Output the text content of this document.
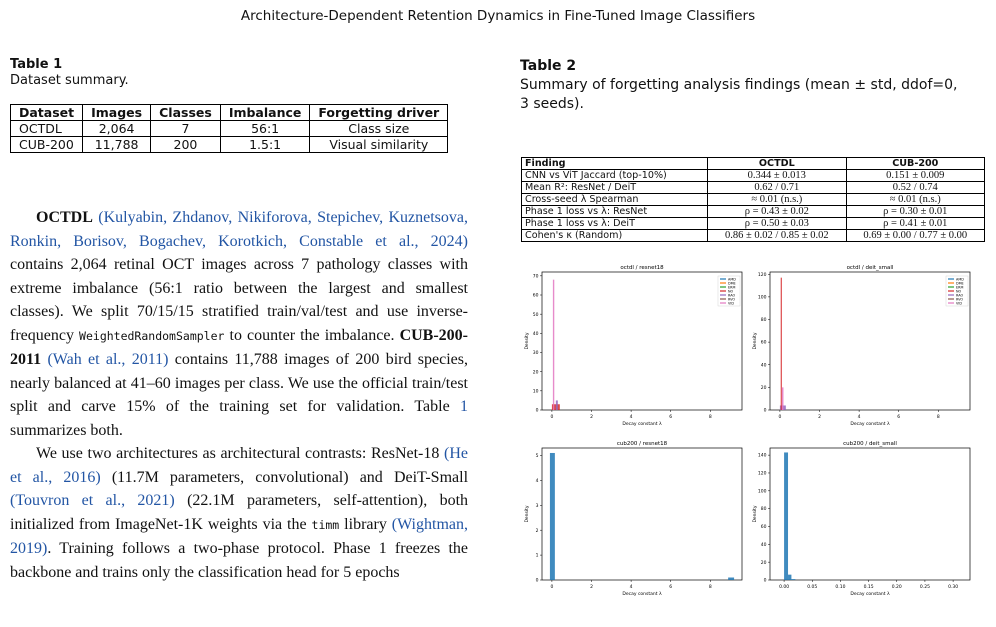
Architecture-Dependent Retention Dynamics in Fine-Tuned Image Classifiers
Table 1
Dataset summary.
Dataset	Images	Classes	Imbalance	Forgetting driver
OCTDL	2,064	7	56:1	Class size
CUB-200	11,788	200	1.5:1	Visual similarity
Table 2
Summary of forgetting analysis findings (mean ± std, ddof=0,
3 seeds).
Finding	OCTDL	CUB-200
CNN vs ViT Jaccard (top-10%)	0.344 ± 0.013	0.151 ± 0.009
Mean R²: ResNet / DeiT	0.62 / 0.71	0.52 / 0.74
Cross-seed λ Spearman	≈ 0.01 (n.s.)	≈ 0.01 (n.s.)
Phase 1 loss vs λ: ResNet	ρ = 0.43 ± 0.02	ρ = 0.30 ± 0.01
Phase 1 loss vs λ: DeiT	ρ = 0.50 ± 0.03	ρ = 0.41 ± 0.01
Cohen's κ (Random)	0.86 ± 0.02 / 0.85 ± 0.02	0.69 ± 0.00 / 0.77 ± 0.00

OCTDL (Kulyabin, Zhdanov, Nikiforova, Stepichev, Kuznetsova, Ronkin, Borisov, Bogachev, Korotkich, Constable et al., 2024) contains 2,064 retinal OCT images across 7 pathology classes with extreme imbalance (56:1 ratio between the largest and smallest classes). We split 70/15/15 stratified train/val/test and use inverse-frequency WeightedRandomSampler to counter the imbalance. CUB-200-2011 (Wah et al., 2011) contains 11,788 images of 200 bird species, nearly balanced at 41–60 images per class. We use the official train/test split and carve 15% of the training set for validation. Table 1 summarizes both.

We use two architectures as architectural contrasts: ResNet-18 (He et al., 2016) (11.7M parameters, convolutional) and DeiT-Small (Touvron et al., 2021) (22.1M parameters, self-attention), both initialized from ImageNet-1K weights via the timm library (Wightman, 2019). Training follows a two-phase protocol. Phase 1 freezes the backbone and trains only the classification head for 5 epochs

octdl / resnet18
Decay constant λ
Density
0	2	4	6	8
0
10
20
30
40
50
60
70	AMD
DME
ERM
NO
RAO
RVO
VID
octdl / deit_small
Decay constant λ
Density
0	2	4	6	8
0
20
40
60
80
100
120
AMD
DME
ERM
NO
RAO
RVO
VID
cub200 / resnet18
Decay constant λ
Density
0	2	4	6	8
0
1
2
3
4
5
cub200 / deit_small
Decay constant λ
Density
0.00	0.05	0.10	0.15	0.20	0.25	0.30
0
20
40
60
80
100
120
140
